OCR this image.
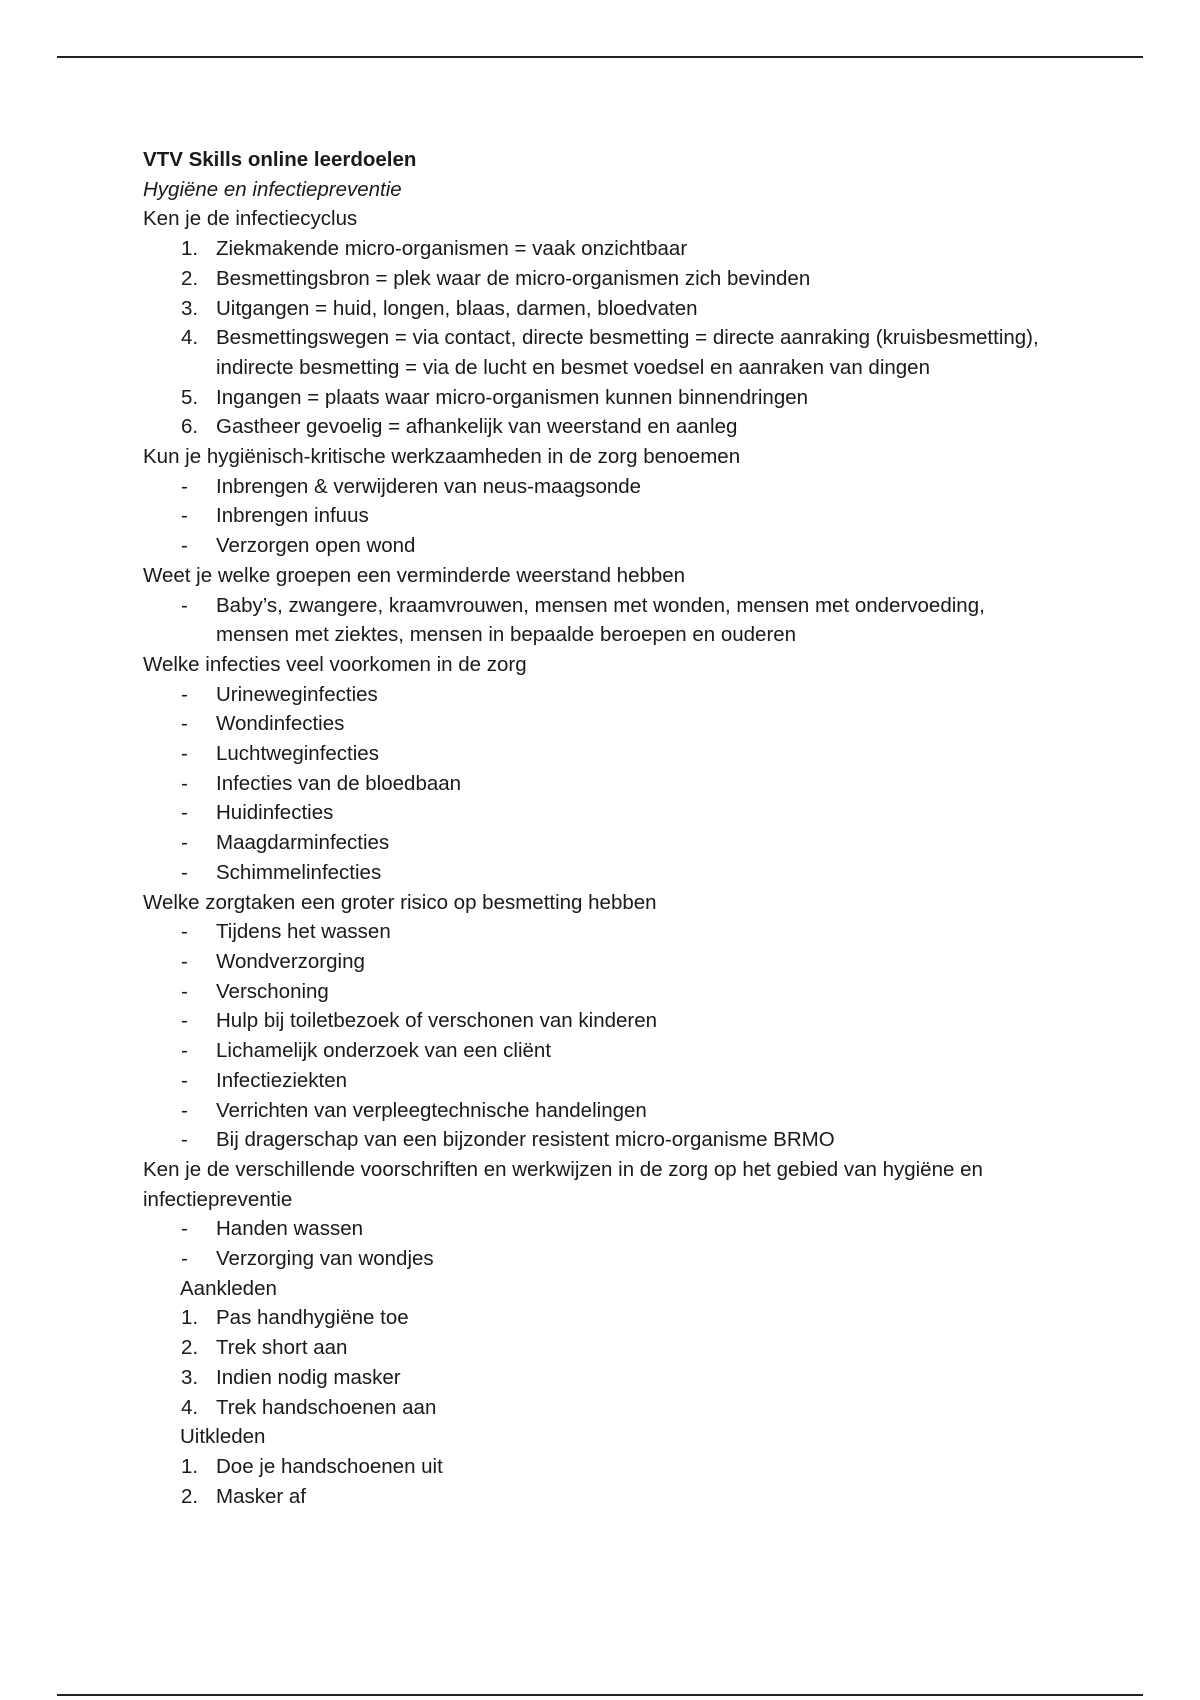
VTV Skills online leerdoelen
Hygiëne en infectiepreventie
Ken je de infectiecyclus
1. Ziekmakende micro-organismen = vaak onzichtbaar
2. Besmettingsbron = plek waar de micro-organismen zich bevinden
3. Uitgangen = huid, longen, blaas, darmen, bloedvaten
4. Besmettingswegen = via contact, directe besmetting = directe aanraking (kruisbesmetting), indirecte besmetting = via de lucht en besmet voedsel en aanraken van dingen
5. Ingangen = plaats waar micro-organismen kunnen binnendringen
6. Gastheer gevoelig = afhankelijk van weerstand en aanleg
Kun je hygiënisch-kritische werkzaamheden in de zorg benoemen
- Inbrengen & verwijderen van neus-maagsonde
- Inbrengen infuus
- Verzorgen open wond
Weet je welke groepen een verminderde weerstand hebben
- Baby’s, zwangere, kraamvrouwen, mensen met wonden, mensen met ondervoeding, mensen met ziektes, mensen in bepaalde beroepen en ouderen
Welke infecties veel voorkomen in de zorg
- Urineweginfecties
- Wondinfecties
- Luchtweginfecties
- Infecties van de bloedbaan
- Huidinfecties
- Maagdarminfecties
- Schimmelinfecties
Welke zorgtaken een groter risico op besmetting hebben
- Tijdens het wassen
- Wondverzorging
- Verschoning
- Hulp bij toiletbezoek of verschonen van kinderen
- Lichamelijk onderzoek van een cliënt
- Infectieziekten
- Verrichten van verpleegtechnische handelingen
- Bij dragerschap van een bijzonder resistent micro-organisme BRMO
Ken je de verschillende voorschriften en werkwijzen in de zorg op het gebied van hygiëne en infectiepreventie
- Handen wassen
- Verzorging van wondjes
Aankleden
1. Pas handhygiëne toe
2. Trek short aan
3. Indien nodig masker
4. Trek handschoenen aan
Uitkleden
1. Doe je handschoenen uit
2. Masker af
